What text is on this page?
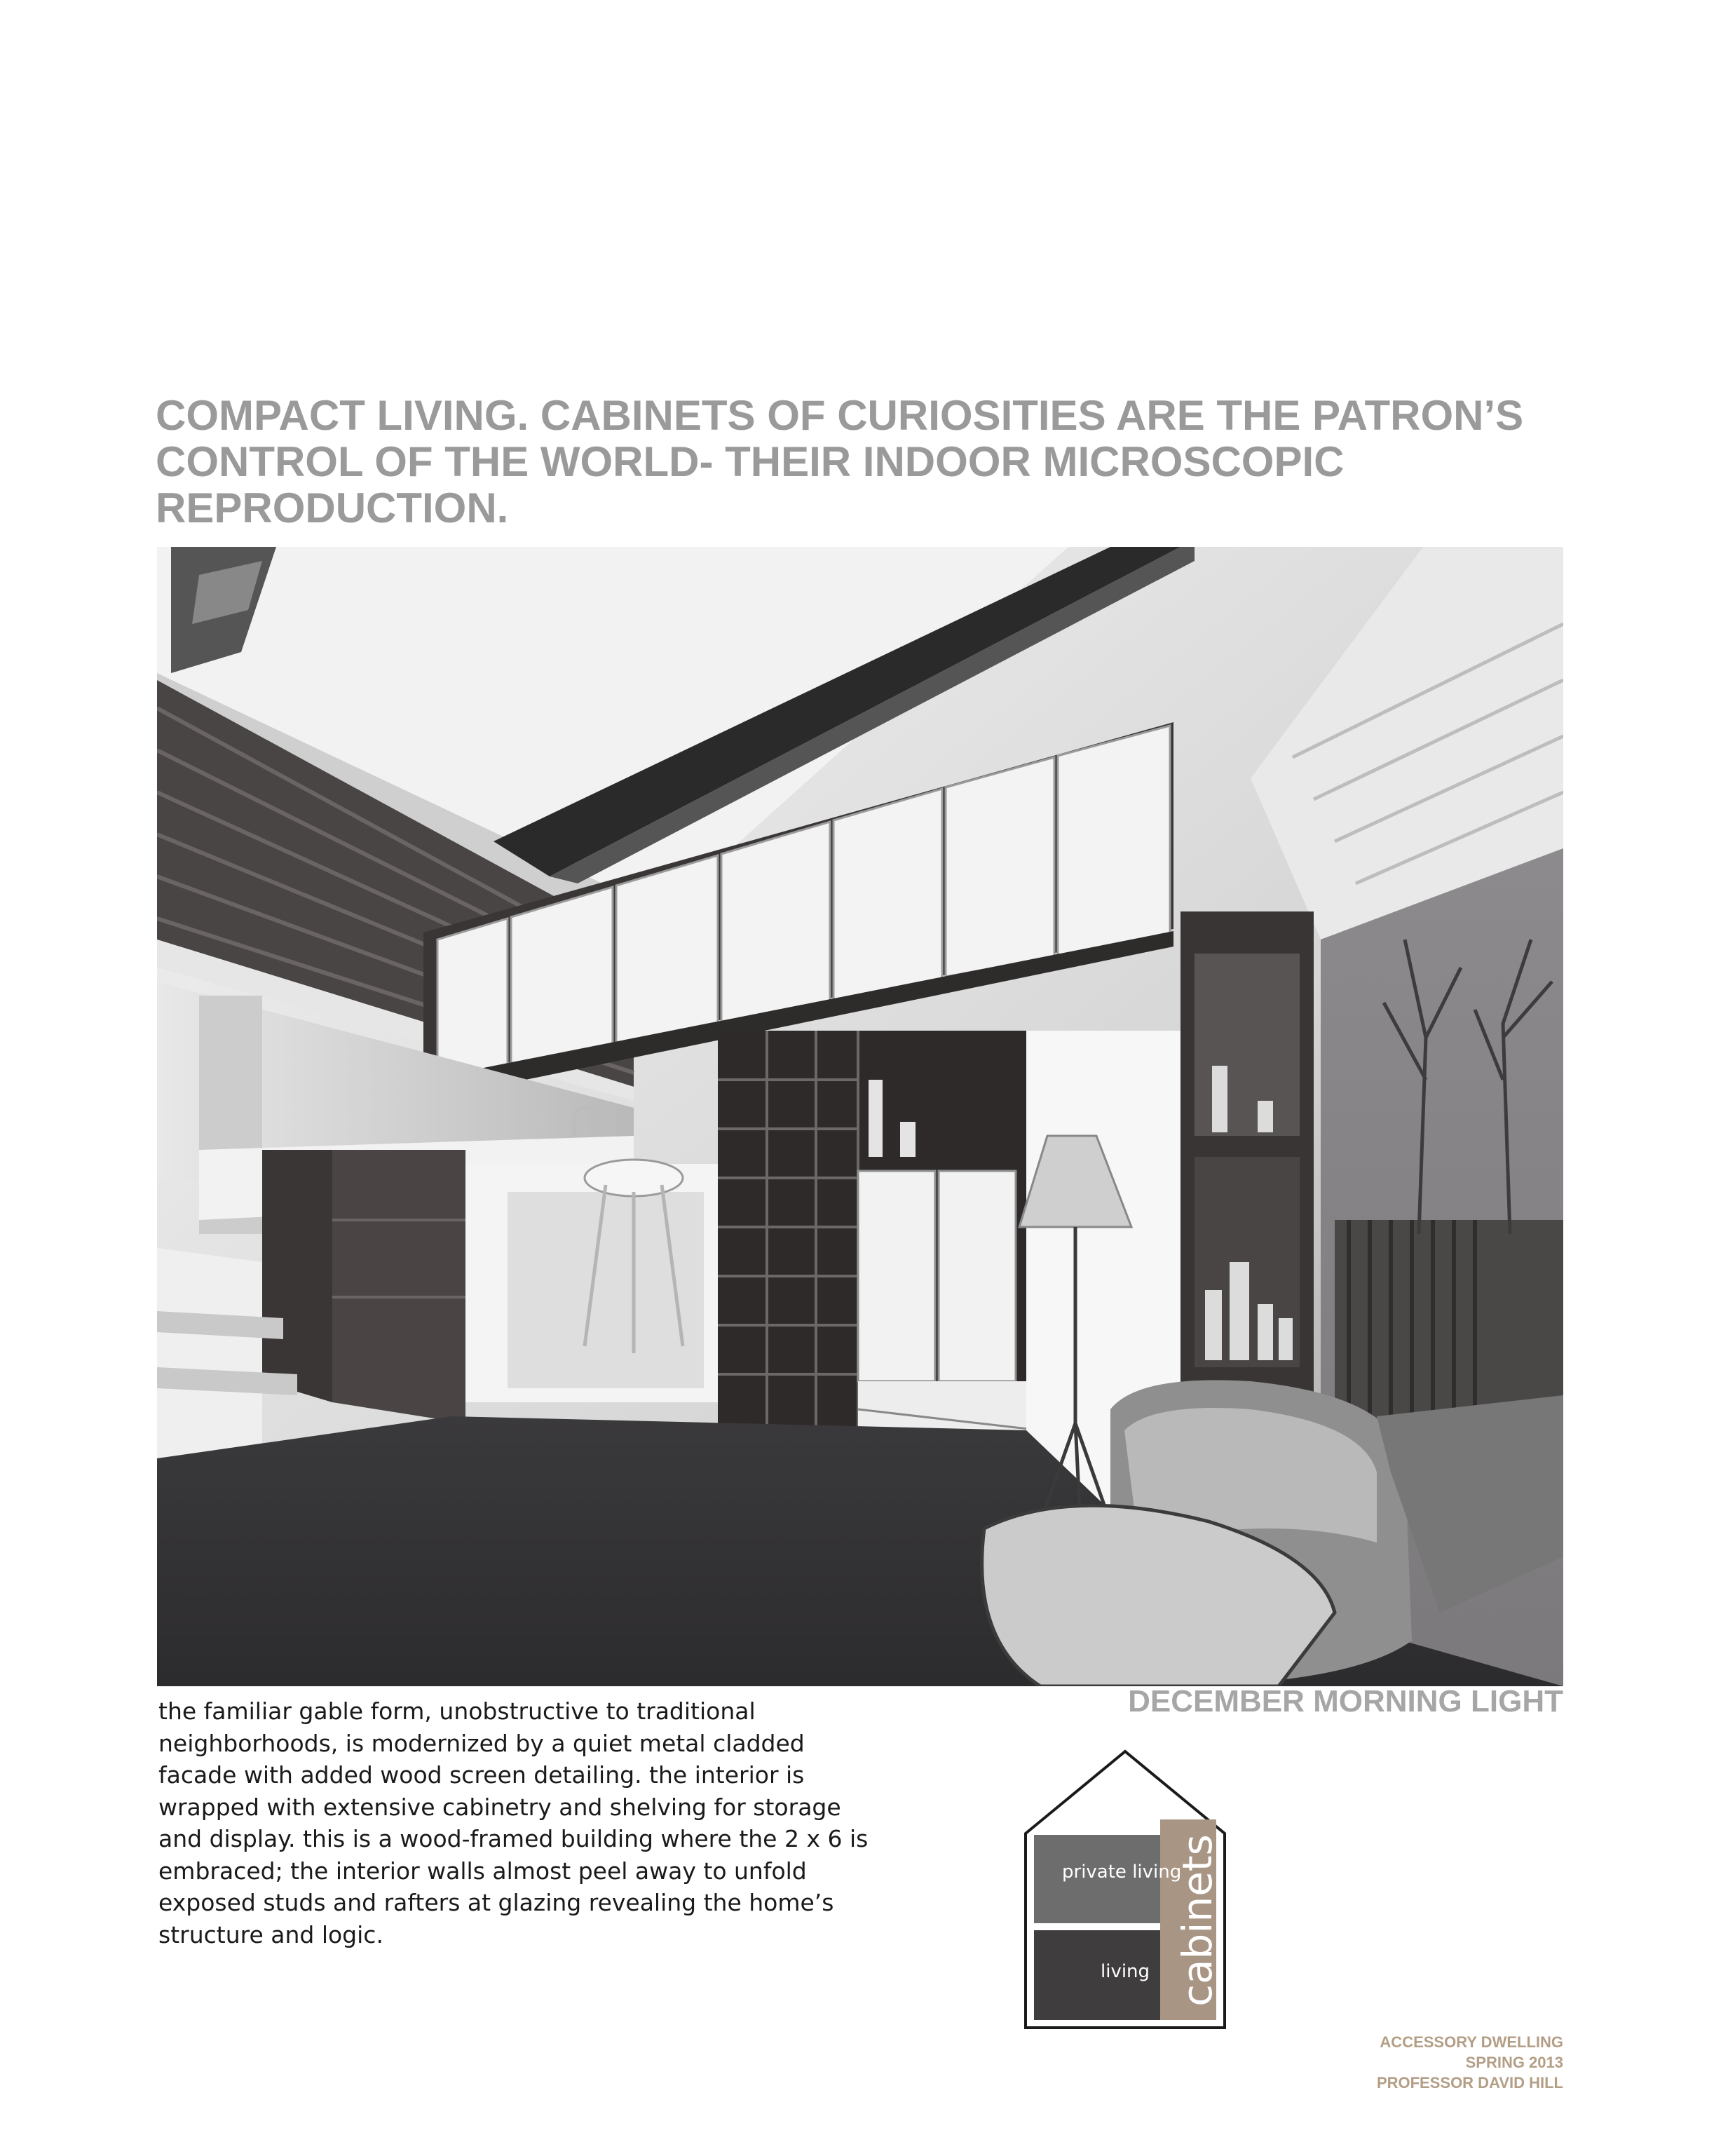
COMPACT LIVING. CABINETS OF CURIOSITIES ARE THE PATRON’S
CONTROL OF THE WORLD- THEIR INDOOR MICROSCOPIC
REPRODUCTION.
DECEMBER MORNING LIGHT
the familiar gable form, unobstructive to traditional
neighborhoods, is modernized by a quiet metal cladded
facade with added wood screen detailing. the interior is
wrapped with extensive cabinetry and shelving for storage
and display. this is a wood-framed building where the 2 x 6 is
embraced; the interior walls almost peel away to unfold
exposed studs and rafters at glazing revealing the home’s
structure and logic.
private living
living cabinets
ACCESSORY DWELLING
SPRING 2013
PROFESSOR DAVID HILL
